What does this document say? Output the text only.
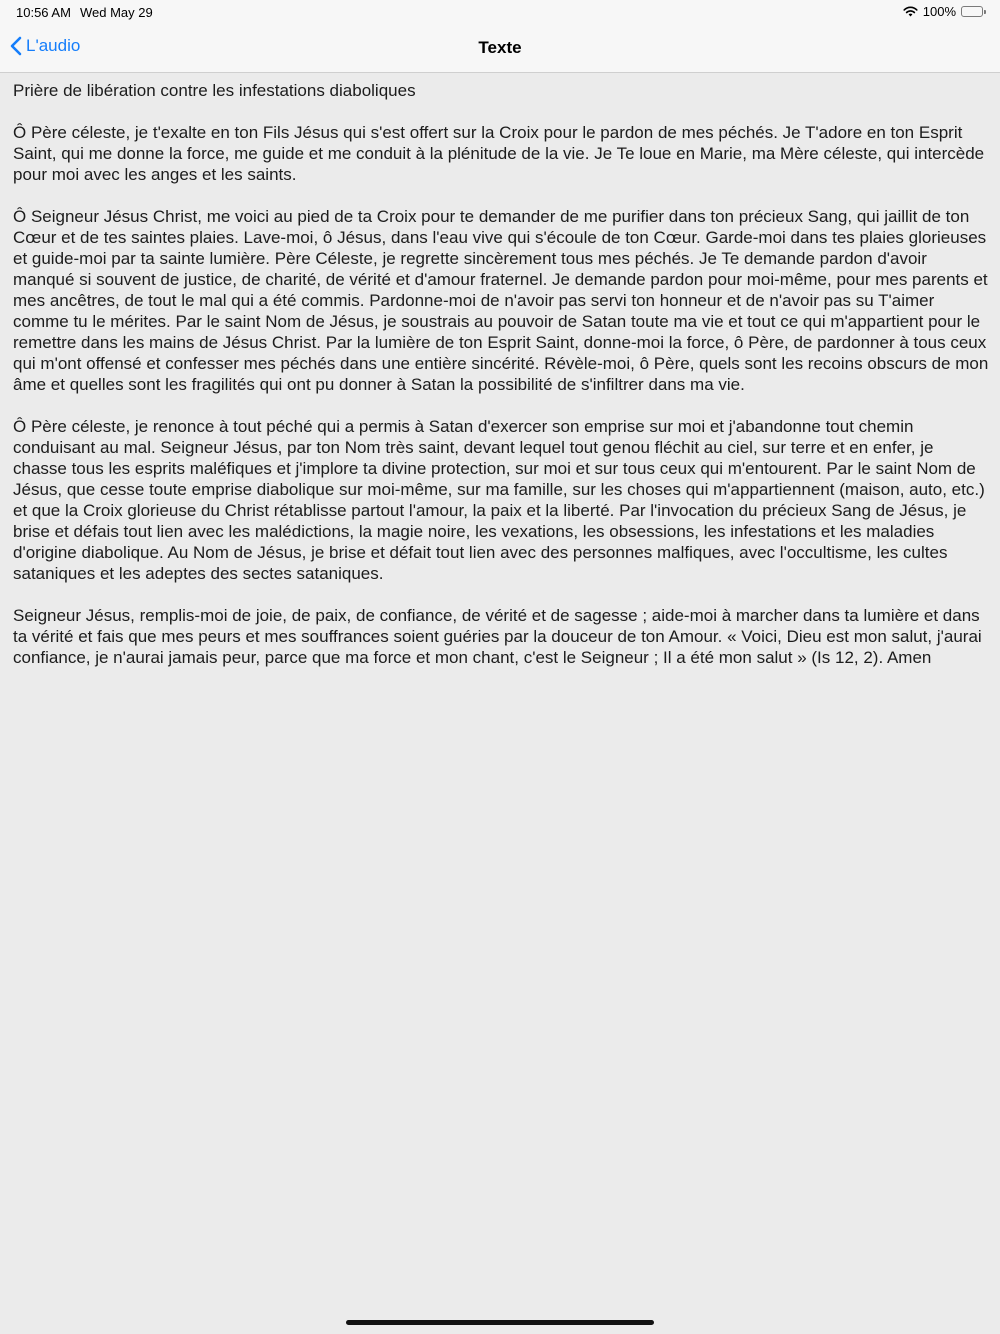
10:56 AM Wed May 29	100%
L'audio	Texte

Prière de libération contre les infestations diaboliques

Ô Père céleste, je t'exalte en ton Fils Jésus qui s'est offert sur la Croix pour le pardon de mes péchés. Je T'adore en ton Esprit Saint, qui me donne la force, me guide et me conduit à la plénitude de la vie. Je Te loue en Marie, ma Mère céleste, qui intercède pour moi avec les anges et les saints.

Ô Seigneur Jésus Christ, me voici au pied de ta Croix pour te demander de me purifier dans ton précieux Sang, qui jaillit de ton Cœur et de tes saintes plaies. Lave-moi, ô Jésus, dans l'eau vive qui s'écoule de ton Cœur. Garde-moi dans tes plaies glorieuses et guide-moi par ta sainte lumière. Père Céleste, je regrette sincèrement tous mes péchés. Je Te demande pardon d'avoir manqué si souvent de justice, de charité, de vérité et d'amour fraternel. Je demande pardon pour moi-même, pour mes parents et mes ancêtres, de tout le mal qui a été commis. Pardonne-moi de n'avoir pas servi ton honneur et de n'avoir pas su T'aimer comme tu le mérites. Par le saint Nom de Jésus, je soustrais au pouvoir de Satan toute ma vie et tout ce qui m'appartient pour le remettre dans les mains de Jésus Christ. Par la lumière de ton Esprit Saint, donne-moi la force, ô Père, de pardonner à tous ceux qui m'ont offensé et confesser mes péchés dans une entière sincérité. Révèle-moi, ô Père, quels sont les recoins obscurs de mon âme et quelles sont les fragilités qui ont pu donner à Satan la possibilité de s'infiltrer dans ma vie.

Ô Père céleste, je renonce à tout péché qui a permis à Satan d'exercer son emprise sur moi et j'abandonne tout chemin conduisant au mal. Seigneur Jésus, par ton Nom très saint, devant lequel tout genou fléchit au ciel, sur terre et en enfer, je chasse tous les esprits maléfiques et j'implore ta divine protection, sur moi et sur tous ceux qui m'entourent. Par le saint Nom de Jésus, que cesse toute emprise diabolique sur moi-même, sur ma famille, sur les choses qui m'appartiennent (maison, auto, etc.) et que la Croix glorieuse du Christ rétablisse partout l'amour, la paix et la liberté. Par l'invocation du précieux Sang de Jésus, je brise et défais tout lien avec les malédictions, la magie noire, les vexations, les obsessions, les infestations et les maladies d'origine diabolique. Au Nom de Jésus, je brise et défait tout lien avec des personnes malfiques, avec l'occultisme, les cultes sataniques et les adeptes des sectes sataniques.

Seigneur Jésus, remplis-moi de joie, de paix, de confiance, de vérité et de sagesse ; aide-moi à marcher dans ta lumière et dans ta vérité et fais que mes peurs et mes souffrances soient guéries par la douceur de ton Amour. « Voici, Dieu est mon salut, j'aurai confiance, je n'aurai jamais peur, parce que ma force et mon chant, c'est le Seigneur ; Il a été mon salut » (Is 12, 2). Amen
